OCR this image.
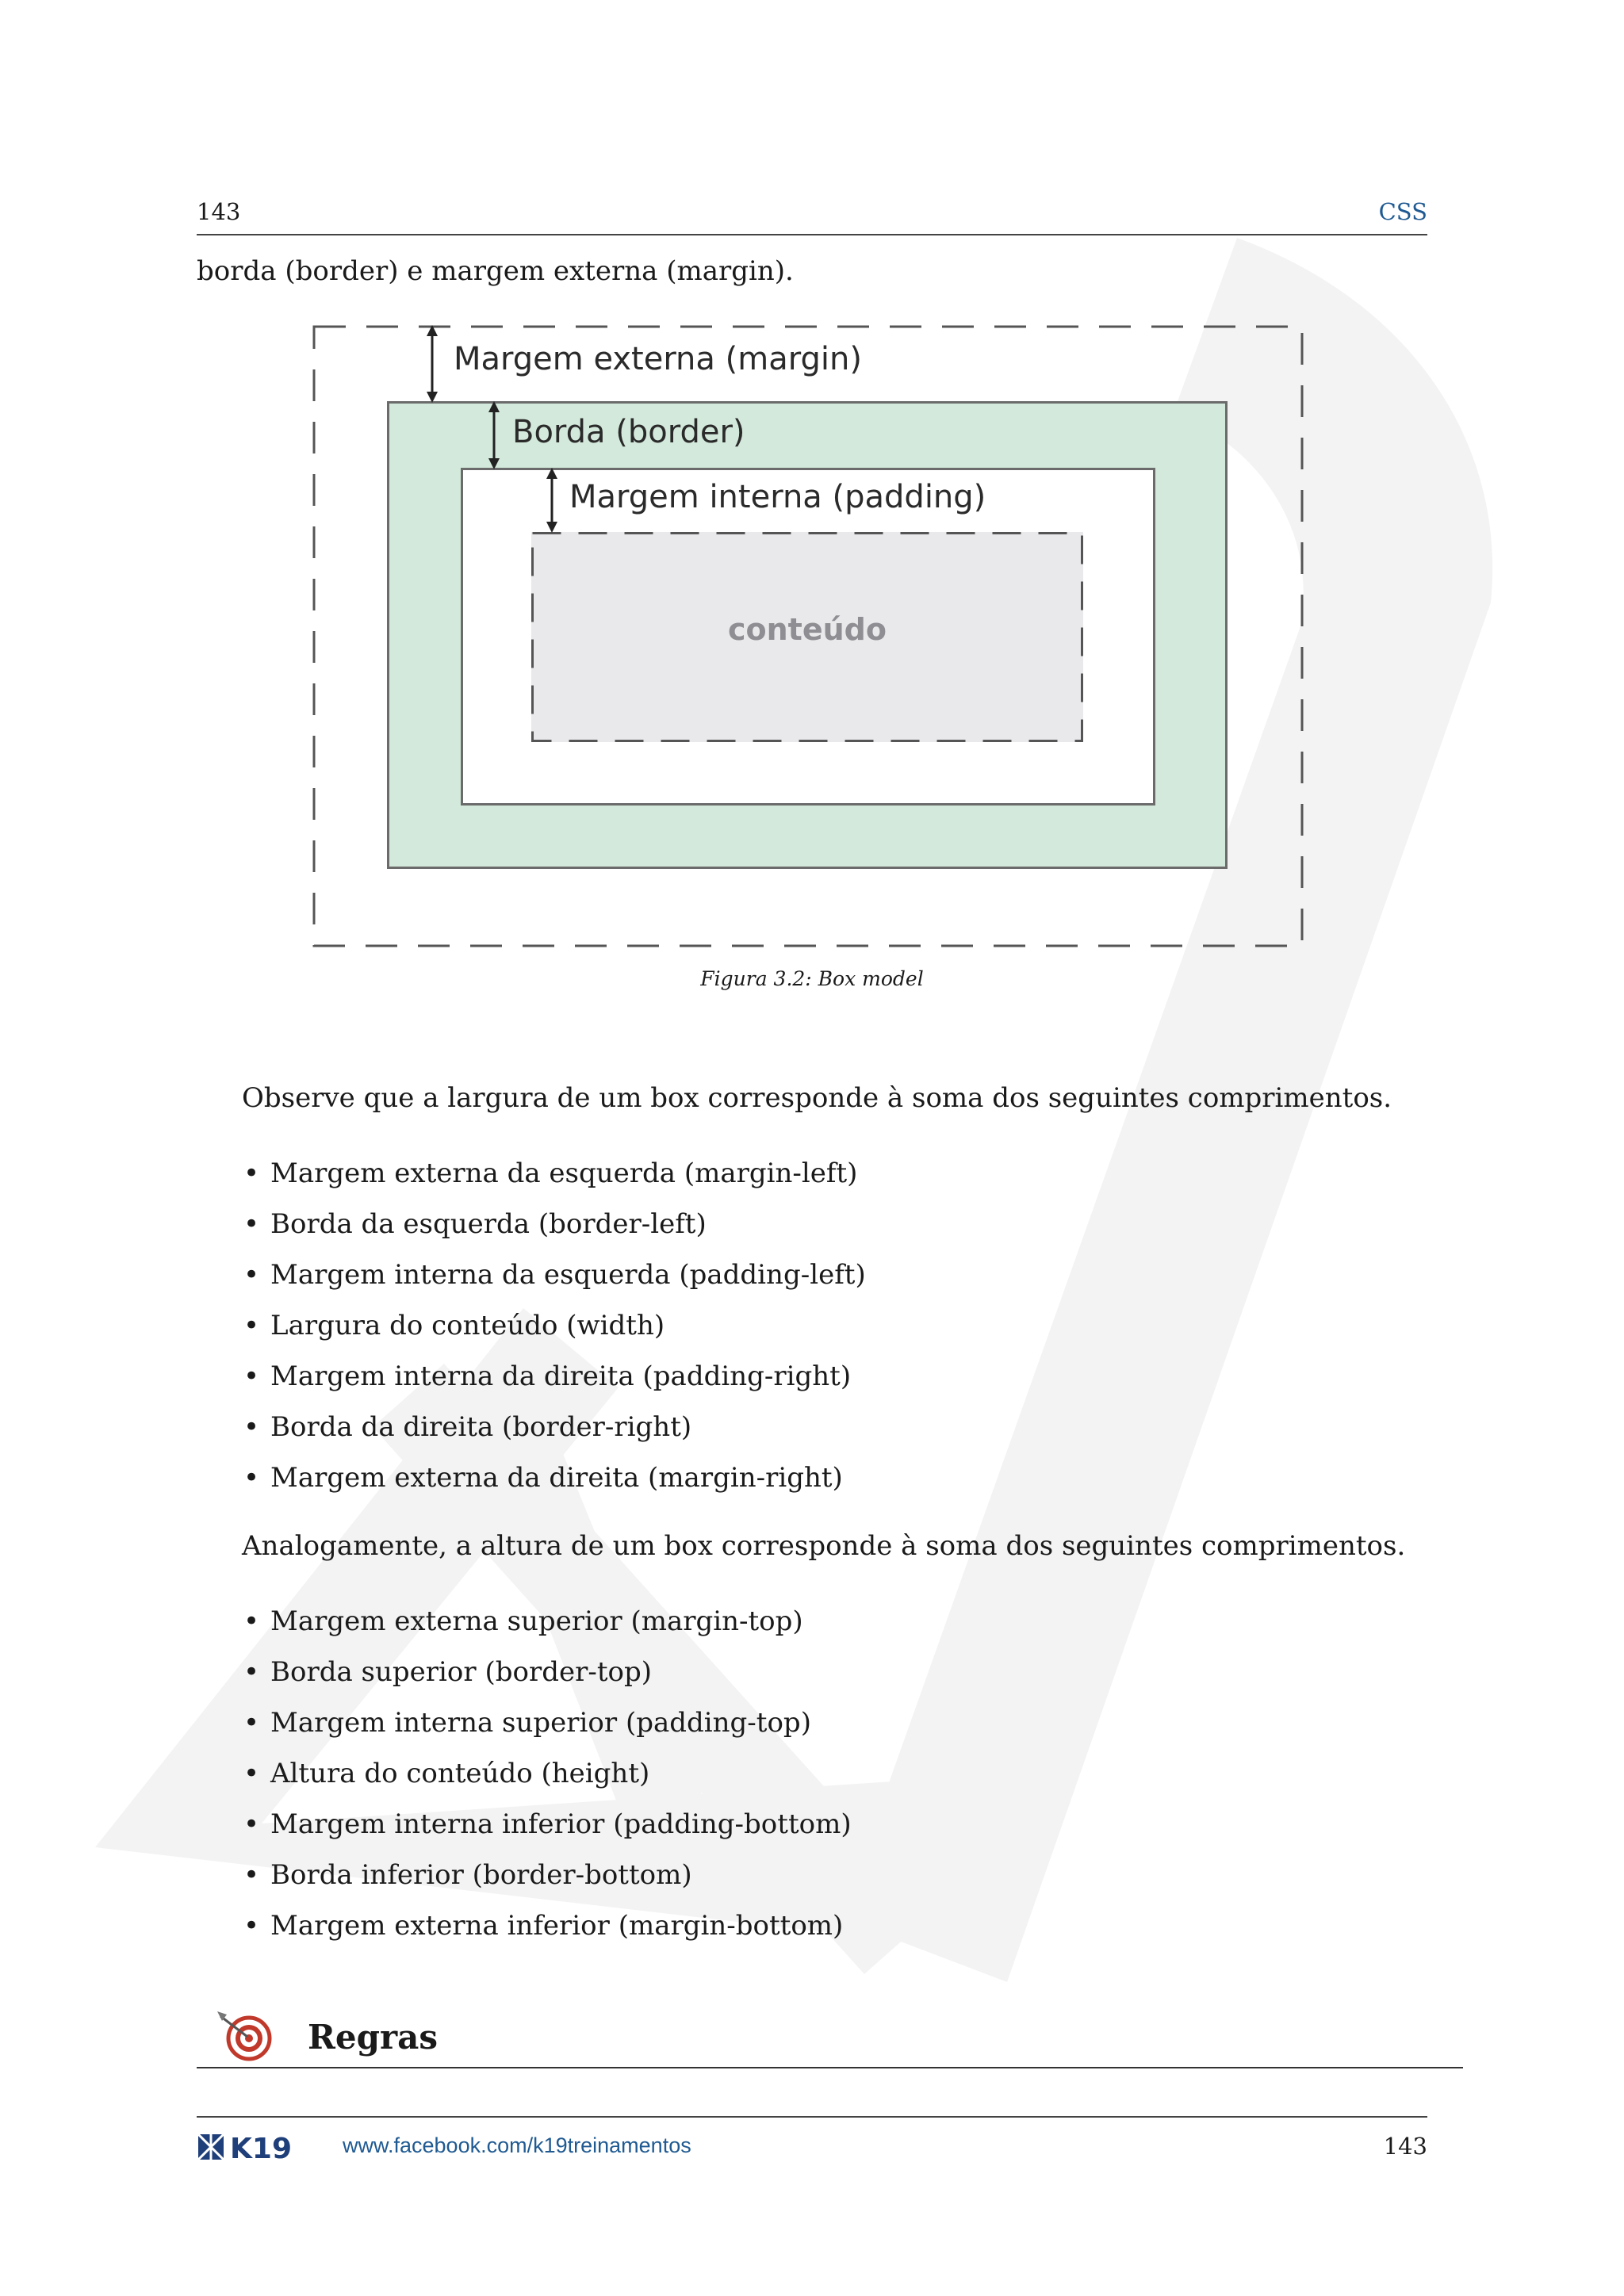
143	CSS
borda (border) e margem externa (margin).
Margem externa (margin)
Borda (border)
Margem interna (padding)
conteúdo
Figura 3.2: Box model
Observe que a largura de um box corresponde à soma dos seguintes comprimentos.
• Margem externa da esquerda (margin-left)
• Borda da esquerda (border-left)
• Margem interna da esquerda (padding-left)
• Largura do conteúdo (width)
• Margem interna da direita (padding-right)
• Borda da direita (border-right)
• Margem externa da direita (margin-right)
Analogamente, a altura de um box corresponde à soma dos seguintes comprimentos.
• Margem externa superior (margin-top)
• Borda superior (border-top)
• Margem interna superior (padding-top)
• Altura do conteúdo (height)
• Margem interna inferior (padding-bottom)
• Borda inferior (border-bottom)
• Margem externa inferior (margin-bottom)
Regras
K19 www.facebook.com/k19treinamentos	143
